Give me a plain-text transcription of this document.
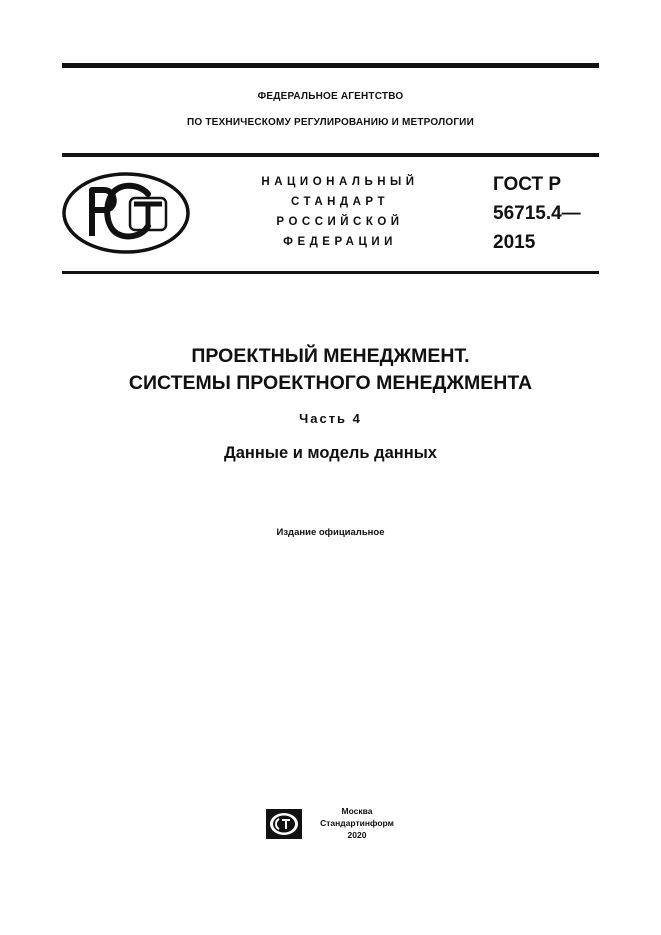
ФЕДЕРАЛЬНОЕ АГЕНТСТВО
ПО ТЕХНИЧЕСКОМУ РЕГУЛИРОВАНИЮ И МЕТРОЛОГИИ
НАЦИОНАЛЬНЫЙ
СТАНДАРТ
РОССИЙСКОЙ
ФЕДЕРАЦИИ
ГОСТ Р
56715.4—
2015
ПРОЕКТНЫЙ МЕНЕДЖМЕНТ.
СИСТЕМЫ ПРОЕКТНОГО МЕНЕДЖМЕНТА
Часть 4
Данные и модель данных
Издание официальное
Москва
Стандартинформ
2020
